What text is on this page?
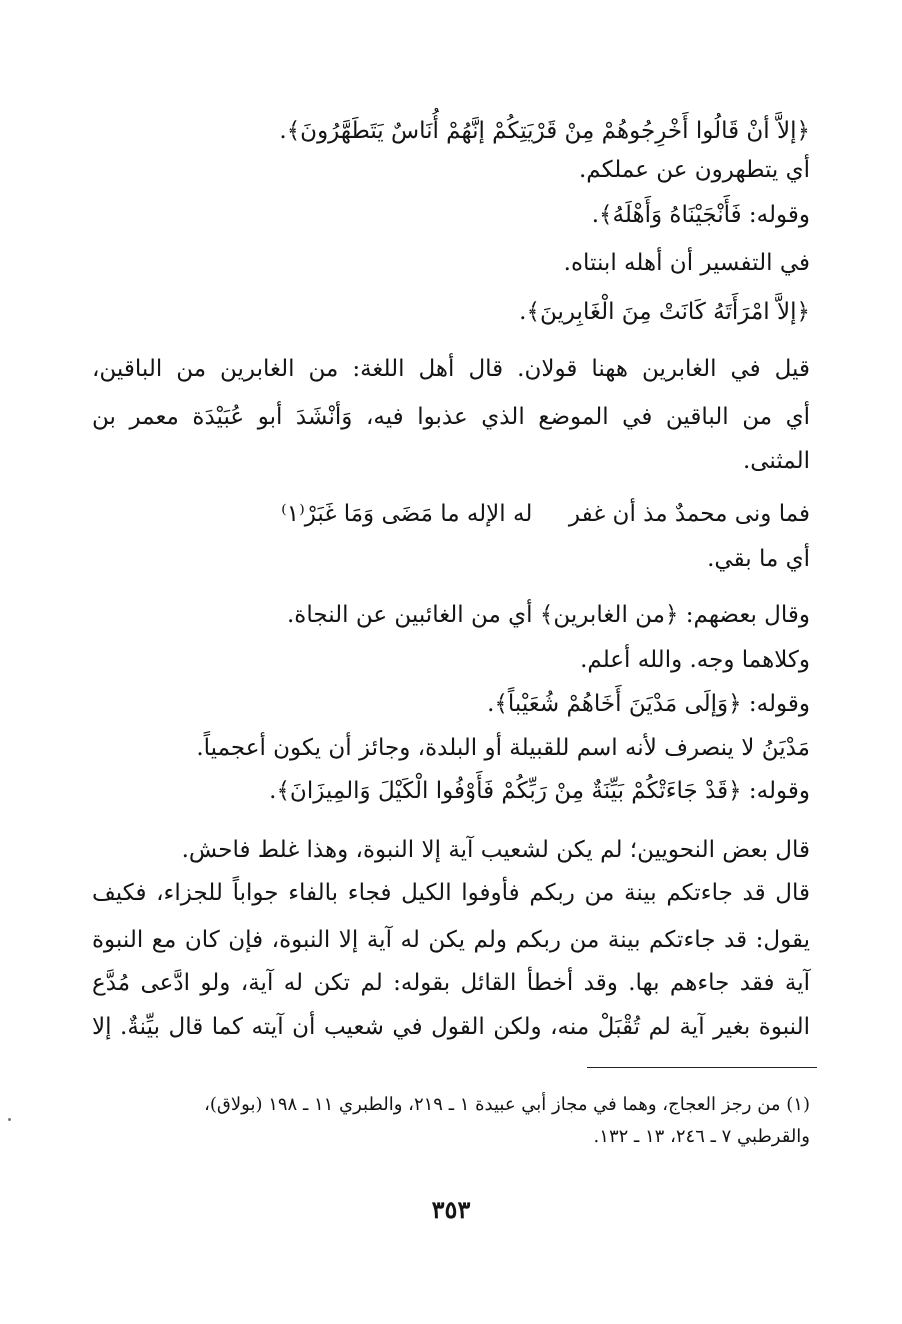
﴿إلاَّ أنْ قَالُوا أَخْرِجُوهُمْ مِنْ قَرْيَتِكُمْ إنَّهُمْ أُنَاسٌ يَتَطَهَّرُونَ﴾.
أي يتطهرون عن عملكم.
وقوله: فَأَنْجَيْنَاهُ وَأَهْلَهُ﴾.
في التفسير أن أهله ابنتاه.
﴿إلاَّ امْرَأَتَهُ كَانَتْ مِنَ الْغَابِرينَ﴾.
قيل في الغابرين ههنا قولان. قال أهل اللغة: من الغابرين من الباقين،
أي من الباقين في الموضع الذي عذبوا فيه، وَأنْشَدَ أبو عُبَيْدَة معمر بن
المثنى.
فما ونى محمدٌ مذ أن غفر     له الإله ما مَضَى وَمَا غَبَرْ⁽١⁾
أي ما بقي.
وقال بعضهم: ﴿من الغابرين﴾ أي من الغائبين عن النجاة.
وكلاهما وجه. والله أعلم.
وقوله: ﴿وَإلَى مَدْيَنَ أَخَاهُمْ شُعَيْباً﴾.
مَدْيَنُ لا ينصرف لأنه اسم للقبيلة أو البلدة، وجائز أن يكون أعجمياً.
وقوله: ﴿قَدْ جَاءَتْكُمْ بَيِّنَةٌ مِنْ رَبِّكُمْ فَأَوْفُوا الْكَيْلَ وَالمِيزَانَ﴾.
قال بعض النحويين؛ لم يكن لشعيب آية إلا النبوة، وهذا غلط فاحش.
قال قد جاءتكم بينة من ربكم فأوفوا الكيل فجاء بالفاء جواباً للجزاء، فكيف
يقول: قد جاءتكم بينة من ربكم ولم يكن له آية إلا النبوة، فإن كان مع النبوة
آية فقد جاءهم بها. وقد أخطأ القائل بقوله: لم تكن له آية، ولو ادَّعى مُدَّع
النبوة بغير آية لم تُقْبَلْ منه، ولكن القول في شعيب أن آيته كما قال بيِّنةٌ. إلا
(١) من رجز العجاج، وهما في مجاز أبي عبيدة ١ ـ ٢١٩، والطبري ١١ ـ ١٩٨ (بولاق)،
والقرطبي ٧ ـ ٢٤٦، ١٣ ـ ١٣٢.
٣٥٣
